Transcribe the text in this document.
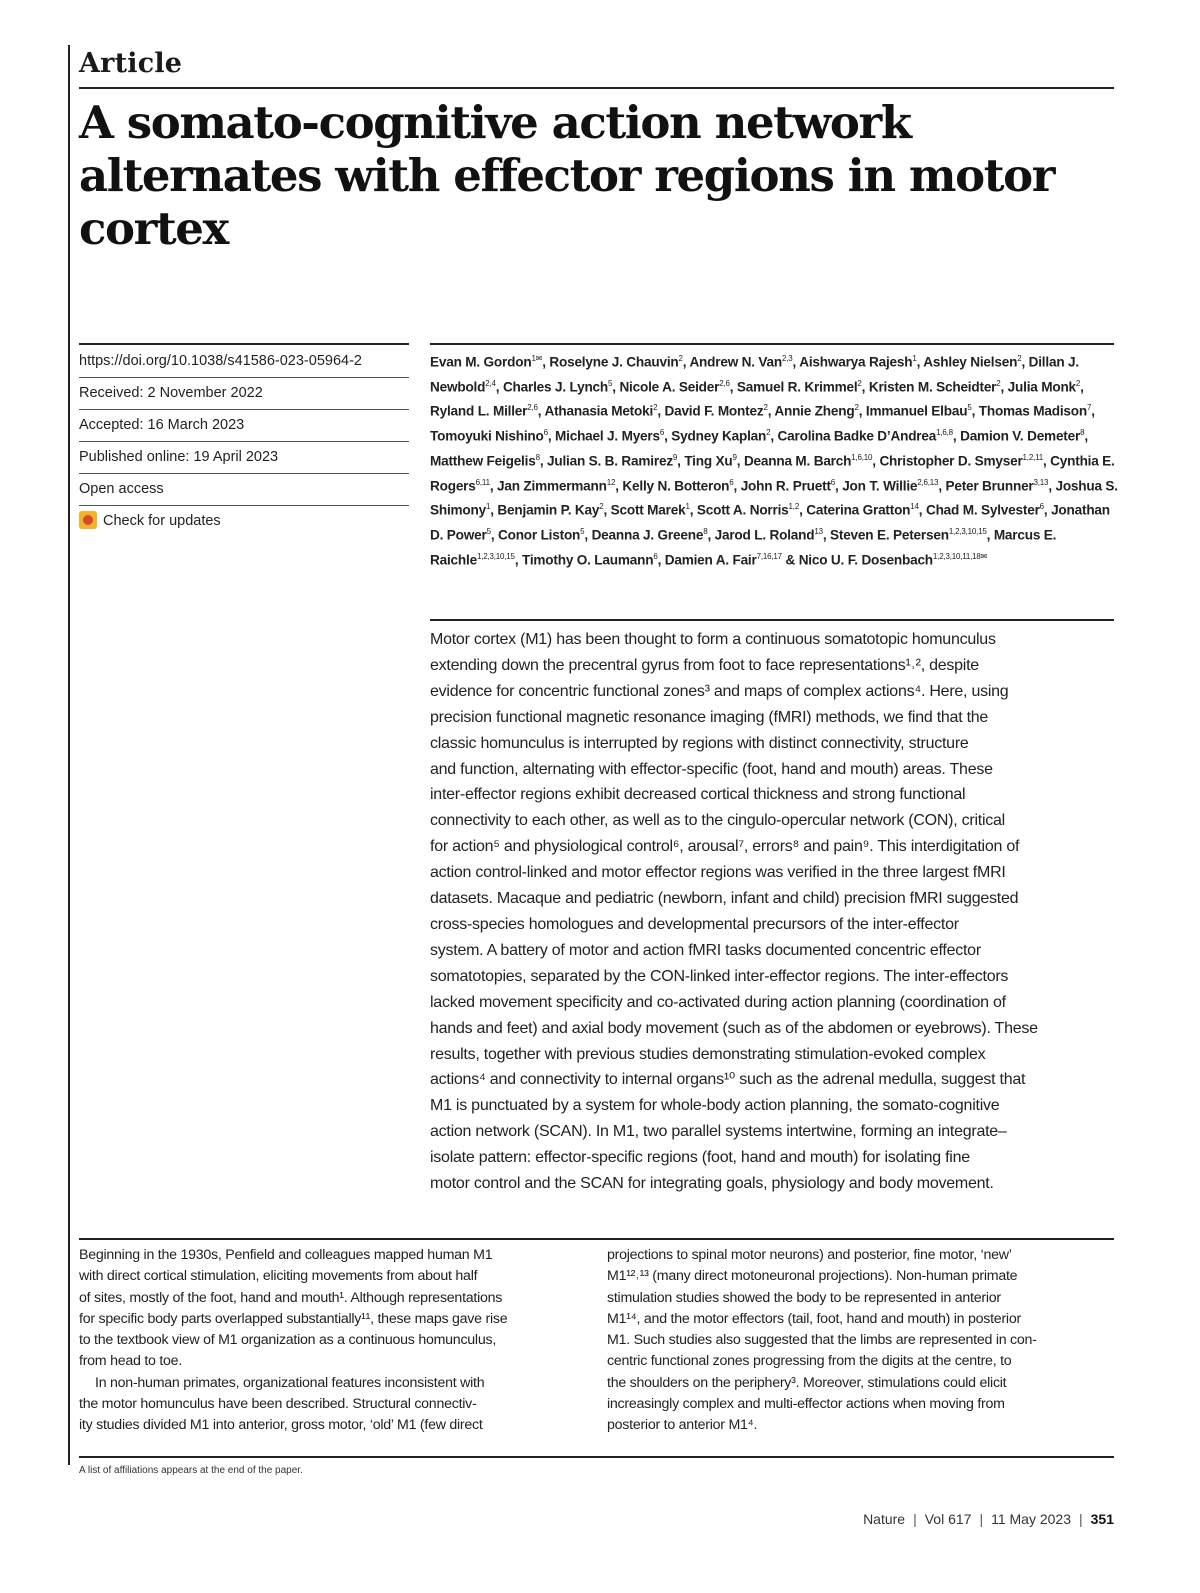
Article
A somato-cognitive action network
alternates with effector regions in motor
cortex
https://doi.org/10.1038/s41586-023-05964-2
Received: 2 November 2022
Accepted: 16 March 2023
Published online: 19 April 2023
Open access
Check for updates
Evan M. Gordon$^{1✉}$, Roselyne J. Chauvin$^2$, Andrew N. Van$^{2,3}$, Aishwarya Rajesh$^1$, Ashley Nielsen$^2$, Dillan J. Newbold$^{2,4}$, Charles J. Lynch$^5$, Nicole A. Seider$^{2,6}$, Samuel R. Krimmel$^2$, Kristen M. Scheidter$^2$, Julia Monk$^2$, Ryland L. Miller$^{2,6}$, Athanasia Metoki$^2$, David F. Montez$^2$, Annie Zheng$^2$, Immanuel Elbau$^5$, Thomas Madison$^7$, Tomoyuki Nishino$^6$, Michael J. Myers$^6$, Sydney Kaplan$^2$, Carolina Badke D’Andrea$^{1,6,8}$, Damion V. Demeter$^8$, Matthew Feigelis$^8$, Julian S. B. Ramirez$^9$, Ting Xu$^9$, Deanna M. Barch$^{1,6,10}$, Christopher D. Smyser$^{1,2,11}$, Cynthia E. Rogers$^{6,11}$, Jan Zimmermann$^{12}$, Kelly N. Botteron$^6$, John R. Pruett$^6$, Jon T. Willie$^{2,6,13}$, Peter Brunner$^{3,13}$, Joshua S. Shimony$^1$, Benjamin P. Kay$^2$, Scott Marek$^1$, Scott A. Norris$^{1,2}$, Caterina Gratton$^{14}$, Chad M. Sylvester$^6$, Jonathan D. Power$^5$, Conor Liston$^5$, Deanna J. Greene$^8$, Jarod L. Roland$^{13}$, Steven E. Petersen$^{1,2,3,10,15}$, Marcus E. Raichle$^{1,2,3,10,15}$, Timothy O. Laumann$^6$, Damien A. Fair$^{7,16,17}$ & Nico U. F. Dosenbach$^{1,2,3,10,11,18✉}$
Motor cortex (M1) has been thought to form a continuous somatotopic homunculus
extending down the precentral gyrus from foot to face representations¹˒², despite
evidence for concentric functional zones³ and maps of complex actions⁴. Here, using
precision functional magnetic resonance imaging (fMRI) methods, we find that the
classic homunculus is interrupted by regions with distinct connectivity, structure
and function, alternating with effector-specific (foot, hand and mouth) areas. These
inter-effector regions exhibit decreased cortical thickness and strong functional
connectivity to each other, as well as to the cingulo-opercular network (CON), critical
for action⁵ and physiological control⁶, arousal⁷, errors⁸ and pain⁹. This interdigitation of
action control-linked and motor effector regions was verified in the three largest fMRI
datasets. Macaque and pediatric (newborn, infant and child) precision fMRI suggested
cross-species homologues and developmental precursors of the inter-effector
system. A battery of motor and action fMRI tasks documented concentric effector
somatotopies, separated by the CON-linked inter-effector regions. The inter-effectors
lacked movement specificity and co-activated during action planning (coordination of
hands and feet) and axial body movement (such as of the abdomen or eyebrows). These
results, together with previous studies demonstrating stimulation-evoked complex
actions⁴ and connectivity to internal organs¹⁰ such as the adrenal medulla, suggest that
M1 is punctuated by a system for whole-body action planning, the somato-cognitive
action network (SCAN). In M1, two parallel systems intertwine, forming an integrate–
isolate pattern: effector-specific regions (foot, hand and mouth) for isolating fine
motor control and the SCAN for integrating goals, physiology and body movement.
Beginning in the 1930s, Penfield and colleagues mapped human M1
with direct cortical stimulation, eliciting movements from about half
of sites, mostly of the foot, hand and mouth¹. Although representations
for specific body parts overlapped substantially¹¹, these maps gave rise
to the textbook view of M1 organization as a continuous homunculus,
from head to toe.
In non-human primates, organizational features inconsistent with
the motor homunculus have been described. Structural connectiv-
ity studies divided M1 into anterior, gross motor, ‘old’ M1 (few direct
projections to spinal motor neurons) and posterior, fine motor, ‘new’
M1¹²˒¹³ (many direct motoneuronal projections). Non-human primate
stimulation studies showed the body to be represented in anterior
M1¹⁴, and the motor effectors (tail, foot, hand and mouth) in posterior
M1. Such studies also suggested that the limbs are represented in con-
centric functional zones progressing from the digits at the centre, to
the shoulders on the periphery³. Moreover, stimulations could elicit
increasingly complex and multi-effector actions when moving from
posterior to anterior M1⁴.
A list of affiliations appears at the end of the paper.
Nature | Vol 617 | 11 May 2023 | 351
